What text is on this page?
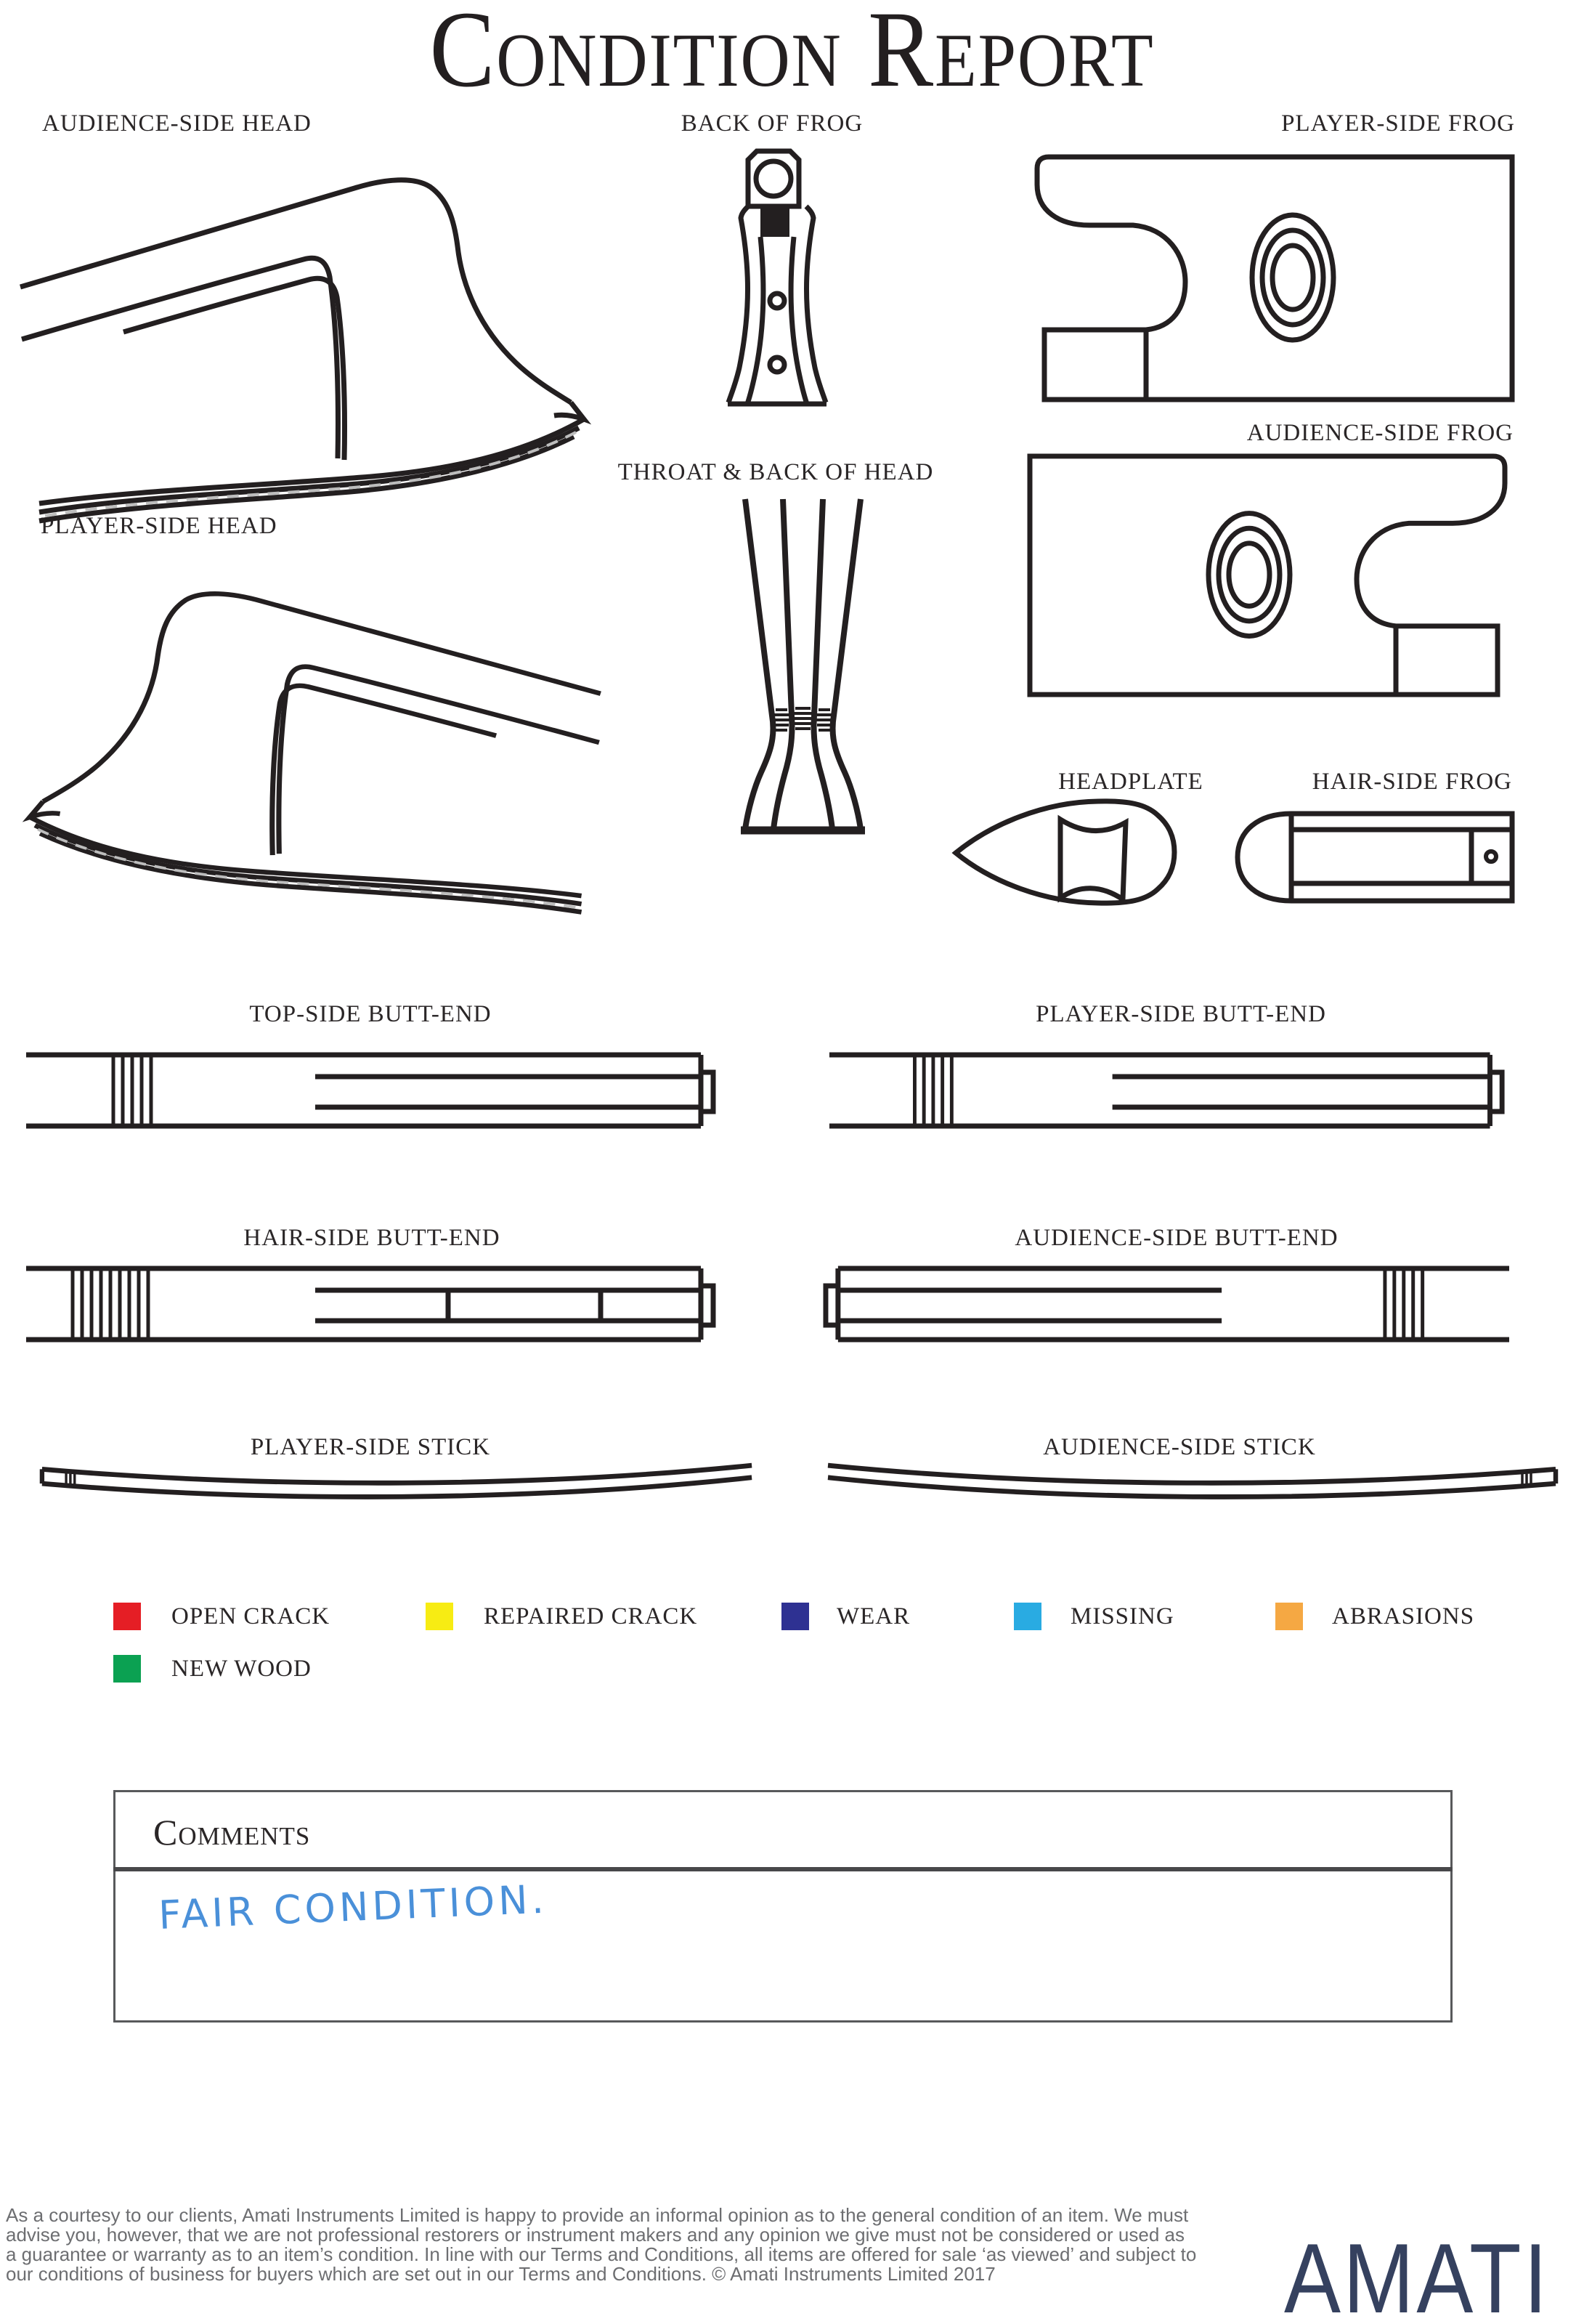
Condition Report
AUDIENCE-SIDE HEAD	BACK OF FROG	PLAYER-SIDE FROG
AUDIENCE-SIDE FROG
THROAT & BACK OF HEAD
PLAYER-SIDE HEAD
HEADPLATE	HAIR-SIDE FROG
TOP-SIDE BUTT-END	PLAYER-SIDE BUTT-END
HAIR-SIDE BUTT-END	AUDIENCE-SIDE BUTT-END
PLAYER-SIDE STICK	AUDIENCE-SIDE STICK
OPEN CRACK	REPAIRED CRACK	WEAR	MISSING	ABRASIONS
NEW WOOD
Comments
FAIR CONDITION.
As a courtesy to our clients, Amati Instruments Limited is happy to provide an informal opinion as to the general condition of an item. We must
advise you, however, that we are not professional restorers or instrument makers and any opinion we give must not be considered or used as
a guarantee or warranty as to an item’s condition. In line with our Terms and Conditions, all items are offered for sale ‘as viewed’ and subject to
our conditions of business for buyers which are set out in our Terms and Conditions. © Amati Instruments Limited 2017	AMATI
